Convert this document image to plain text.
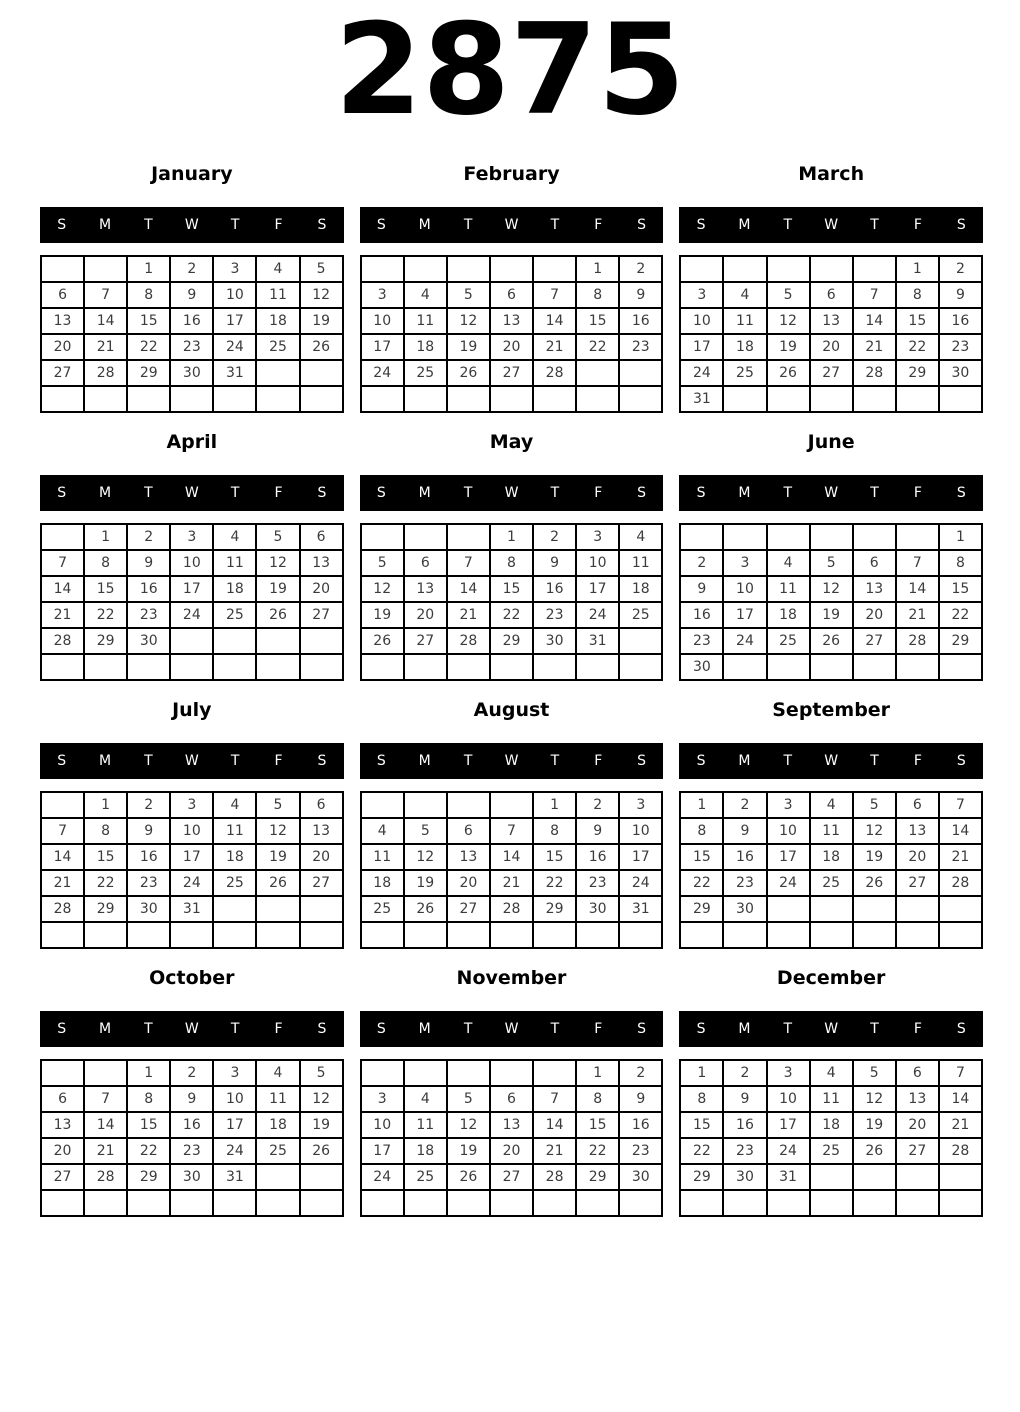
2875
January
S	M	T	W	T	F	S
		1	2	3	4	5
6	7	8	9	10	11	12
13	14	15	16	17	18	19
20	21	22	23	24	25	26
27	28	29	30	31		

February
S	M	T	W	T	F	S
					1	2
3	4	5	6	7	8	9
10	11	12	13	14	15	16
17	18	19	20	21	22	23
24	25	26	27	28		

March
S	M	T	W	T	F	S
					1	2
3	4	5	6	7	8	9
10	11	12	13	14	15	16
17	18	19	20	21	22	23
24	25	26	27	28	29	30
31						
April
S	M	T	W	T	F	S
	1	2	3	4	5	6
7	8	9	10	11	12	13
14	15	16	17	18	19	20
21	22	23	24	25	26	27
28	29	30				

May
S	M	T	W	T	F	S
			1	2	3	4
5	6	7	8	9	10	11
12	13	14	15	16	17	18
19	20	21	22	23	24	25
26	27	28	29	30	31	

June
S	M	T	W	T	F	S
						1
2	3	4	5	6	7	8
9	10	11	12	13	14	15
16	17	18	19	20	21	22
23	24	25	26	27	28	29
30						
July
S	M	T	W	T	F	S
	1	2	3	4	5	6
7	8	9	10	11	12	13
14	15	16	17	18	19	20
21	22	23	24	25	26	27
28	29	30	31			

August
S	M	T	W	T	F	S
				1	2	3
4	5	6	7	8	9	10
11	12	13	14	15	16	17
18	19	20	21	22	23	24
25	26	27	28	29	30	31

September
S	M	T	W	T	F	S
1	2	3	4	5	6	7
8	9	10	11	12	13	14
15	16	17	18	19	20	21
22	23	24	25	26	27	28
29	30					

October
S	M	T	W	T	F	S
		1	2	3	4	5
6	7	8	9	10	11	12
13	14	15	16	17	18	19
20	21	22	23	24	25	26
27	28	29	30	31		

November
S	M	T	W	T	F	S
					1	2
3	4	5	6	7	8	9
10	11	12	13	14	15	16
17	18	19	20	21	22	23
24	25	26	27	28	29	30

December
S	M	T	W	T	F	S
1	2	3	4	5	6	7
8	9	10	11	12	13	14
15	16	17	18	19	20	21
22	23	24	25	26	27	28
29	30	31				
